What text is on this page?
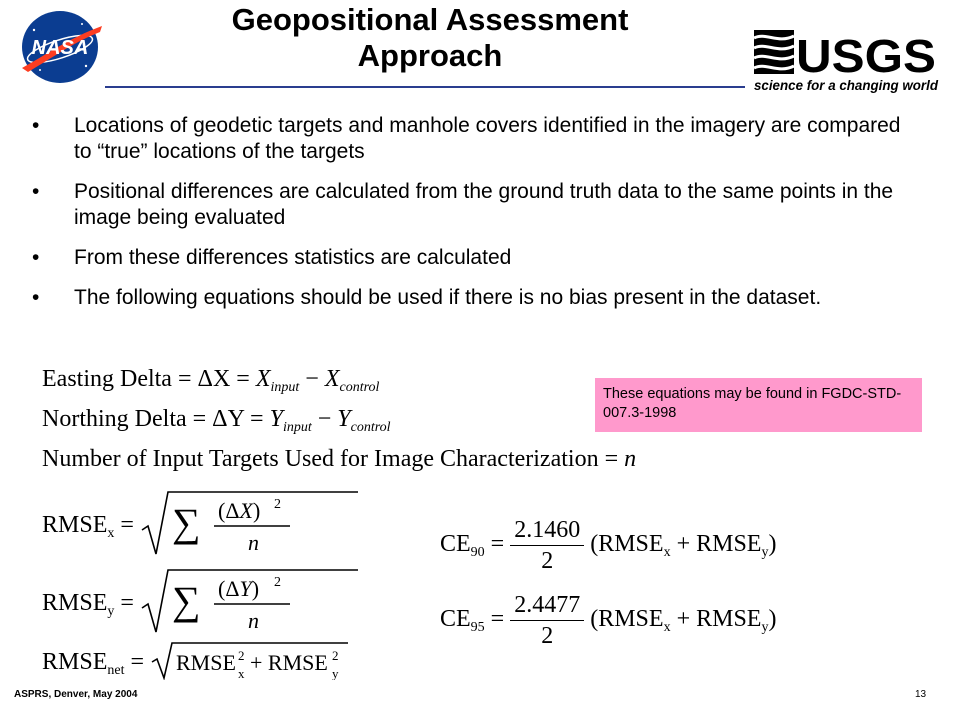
NASA
Geopositional Assessment
Approach	USGS
science for a changing world
• Locations of geodetic targets and manhole covers identified in the imagery are compared to “true” locations of the targets
• Positional differences are calculated from the ground truth data to the same points in the image being evaluated
• From these differences statistics are calculated
• The following equations should be used if there is no bias present in the dataset.
These equations may be found in FGDC-STD-007.3-1998
Easting Delta = $\Delta X = X_{input} - X_{control}$
Northing Delta = $\Delta Y = Y_{input} - Y_{control}$
Number of Input Targets Used for Image Characterization = n
$RMSE_x$ = ∑ (ΔX) 2
n
$RMSE_y$ = ∑ (ΔY) 2
n
$RMSE_{net}$ = RMSE 2
x + RMSE 2
y
$CE_{90} = \frac{2.1460}{2}$ ($RMSE_x$ + $RMSE_y$)
$CE_{95} = \frac{2.4477}{2}$ ($RMSE_x$ + $RMSE_y$)
ASPRS, Denver, May 2004	13
